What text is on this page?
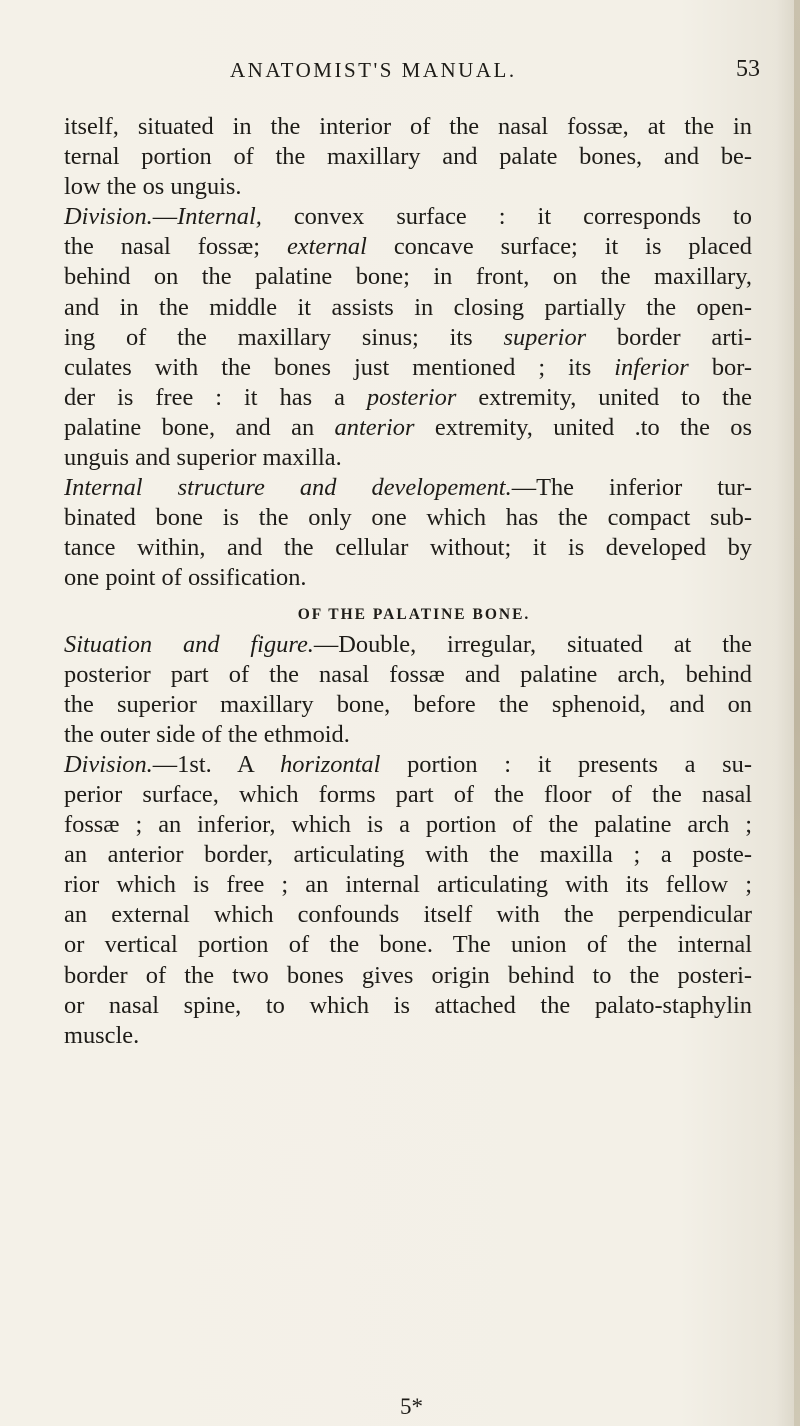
ANATOMIST'S MANUAL.	53

itself, situated in the interior of the nasal fossæ, at the in
ternal portion of the maxillary and palate bones, and be-
low the os unguis.

Division.—Internal, convex surface : it corresponds to
the nasal fossæ; external concave surface; it is placed
behind on the palatine bone; in front, on the maxillary,
and in the middle it assists in closing partially the open-
ing of the maxillary sinus; its superior border arti-
culates with the bones just mentioned ; its inferior bor-
der is free : it has a posterior extremity, united to the
palatine bone, and an anterior extremity, united .to the os
unguis and superior maxilla.

Internal structure and developement.—The inferior tur-
binated bone is the only one which has the compact sub-
tance within, and the cellular without; it is developed by
one point of ossification.

OF THE PALATINE BONE.

Situation and figure.—Double, irregular, situated at the
posterior part of the nasal fossæ and palatine arch, behind
the superior maxillary bone, before the sphenoid, and on
the outer side of the ethmoid.

Division.—1st. A horizontal portion : it presents a su-
perior surface, which forms part of the floor of the nasal
fossæ ; an inferior, which is a portion of the palatine arch ;
an anterior border, articulating with the maxilla ; a poste-
rior which is free ; an internal articulating with its fellow ;
an external which confounds itself with the perpendicular
or vertical portion of the bone. The union of the internal
border of the two bones gives origin behind to the posteri-
or nasal spine, to which is attached the palato-staphylin
muscle.

5*
